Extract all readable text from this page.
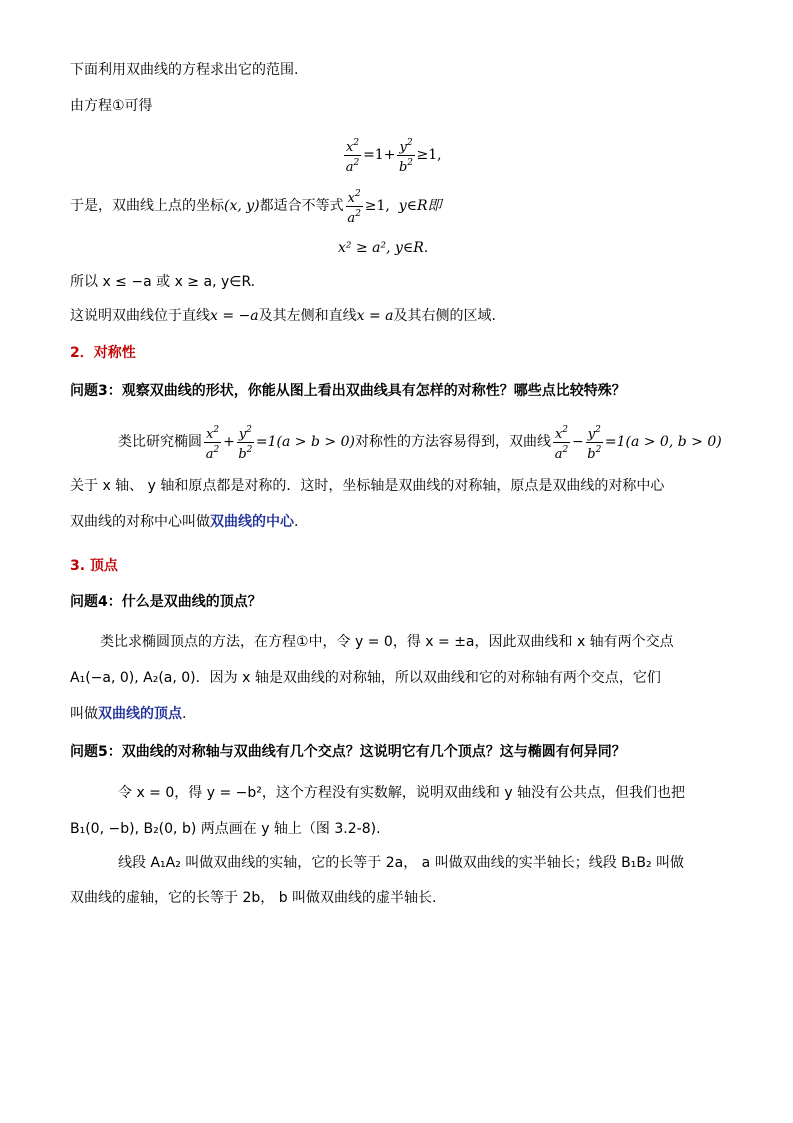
下面利用双曲线的方程求出它的范围.
由方程①可得
$\frac{x^2}{a^2} =1+ \frac{y^2}{b^2} \ge 1$,
于是，双曲线上点的坐标(x, y)都适合不等式 $\frac{x^2}{a^2} \ge 1$, y∈R即
x² ≥ a², y∈R.
所以 x ≤ −a 或 x ≥ a, y∈R.
这说明双曲线位于直线x = −a及其左侧和直线x = a及其右侧的区域.
2．对称性
问题3：观察双曲线的形状，你能从图上看出双曲线具有怎样的对称性？哪些点比较特殊？
类比研究椭圆 $\frac{x^2}{a^2} + \frac{y^2}{b^2} =1(a > b > 0)$对称性的方法容易得到，双曲线 $\frac{x^2}{a^2} - \frac{y^2}{b^2} =1(a > 0$, b > 0)
关于 x 轴、 y 轴和原点都是对称的．这时，坐标轴是双曲线的对称轴，原点是双曲线的对称中心
双曲线的对称中心叫做双曲线的中心.
3. 顶点
问题4：什么是双曲线的顶点？
类比求椭圆顶点的方法，在方程①中，令 y = 0，得 x = ±a，因此双曲线和 x 轴有两个交点
A₁(−a, 0), A₂(a, 0)．因为 x 轴是双曲线的对称轴，所以双曲线和它的对称轴有两个交点，它们
叫做双曲线的顶点.
问题5：双曲线的对称轴与双曲线有几个交点？这说明它有几个顶点？这与椭圆有何异同？
令 x = 0，得 y = −b²，这个方程没有实数解，说明双曲线和 y 轴没有公共点，但我们也把
B₁(0, −b), B₂(0, b) 两点画在 y 轴上（图 3.2-8).
线段 A₁A₂ 叫做双曲线的实轴，它的长等于 2a， a 叫做双曲线的实半轴长；线段 B₁B₂ 叫做
双曲线的虚轴，它的长等于 2b， b 叫做双曲线的虚半轴长.
